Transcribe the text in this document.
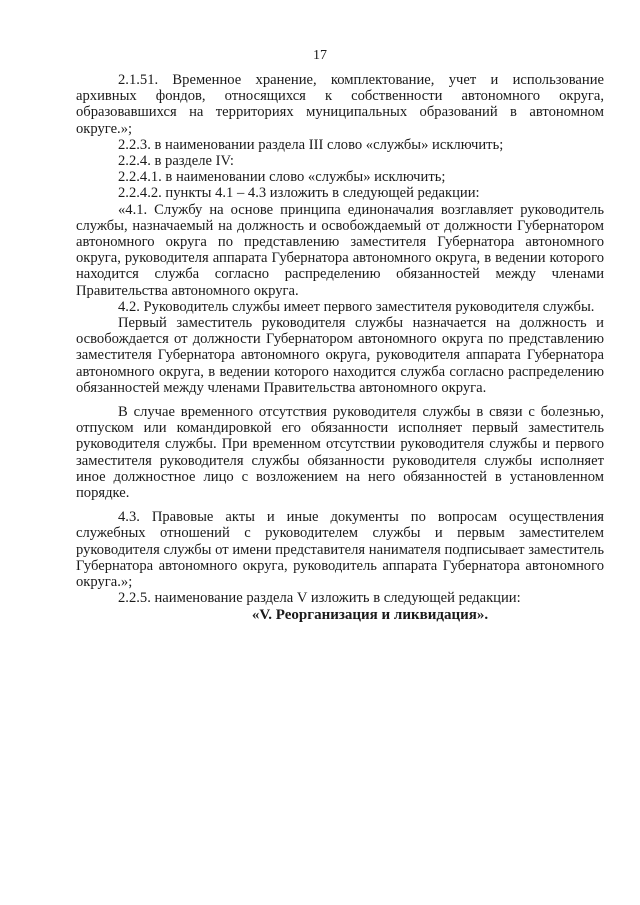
17

2.1.51. Временное хранение, комплектование, учет и использование архивных фондов, относящихся к собственности автономного округа, образовавшихся на территориях муниципальных образований в автономном округе.»;

2.2.3. в наименовании раздела III слово «службы» исключить;

2.2.4. в разделе IV:

2.2.4.1. в наименовании слово «службы» исключить;

2.2.4.2. пункты 4.1 – 4.3 изложить в следующей редакции:

«4.1. Службу на основе принципа единоначалия возглавляет руководитель службы, назначаемый на должность и освобождаемый от должности Губернатором автономного округа по представлению заместителя Губернатора автономного округа, руководителя аппарата Губернатора автономного округа, в ведении которого находится служба согласно распределению обязанностей между членами Правительства автономного округа.

4.2. Руководитель службы имеет первого заместителя руководителя службы.

Первый заместитель руководителя службы назначается на должность и освобождается от должности Губернатором автономного округа по представлению заместителя Губернатора автономного округа, руководителя аппарата Губернатора автономного округа, в ведении которого находится служба согласно распределению обязанностей между членами Правительства автономного округа.

В случае временного отсутствия руководителя службы в связи с болезнью, отпуском или командировкой его обязанности исполняет первый заместитель руководителя службы. При временном отсутствии руководителя службы и первого заместителя руководителя службы обязанности руководителя службы исполняет иное должностное лицо с возложением на него обязанностей в установленном порядке.

4.3. Правовые акты и иные документы по вопросам осуществления служебных отношений с руководителем службы и первым заместителем руководителя службы от имени представителя нанимателя подписывает заместитель Губернатора автономного округа, руководитель аппарата Губернатора автономного округа.»;

2.2.5. наименование раздела V изложить в следующей редакции:

«V. Реорганизация и ликвидация».
